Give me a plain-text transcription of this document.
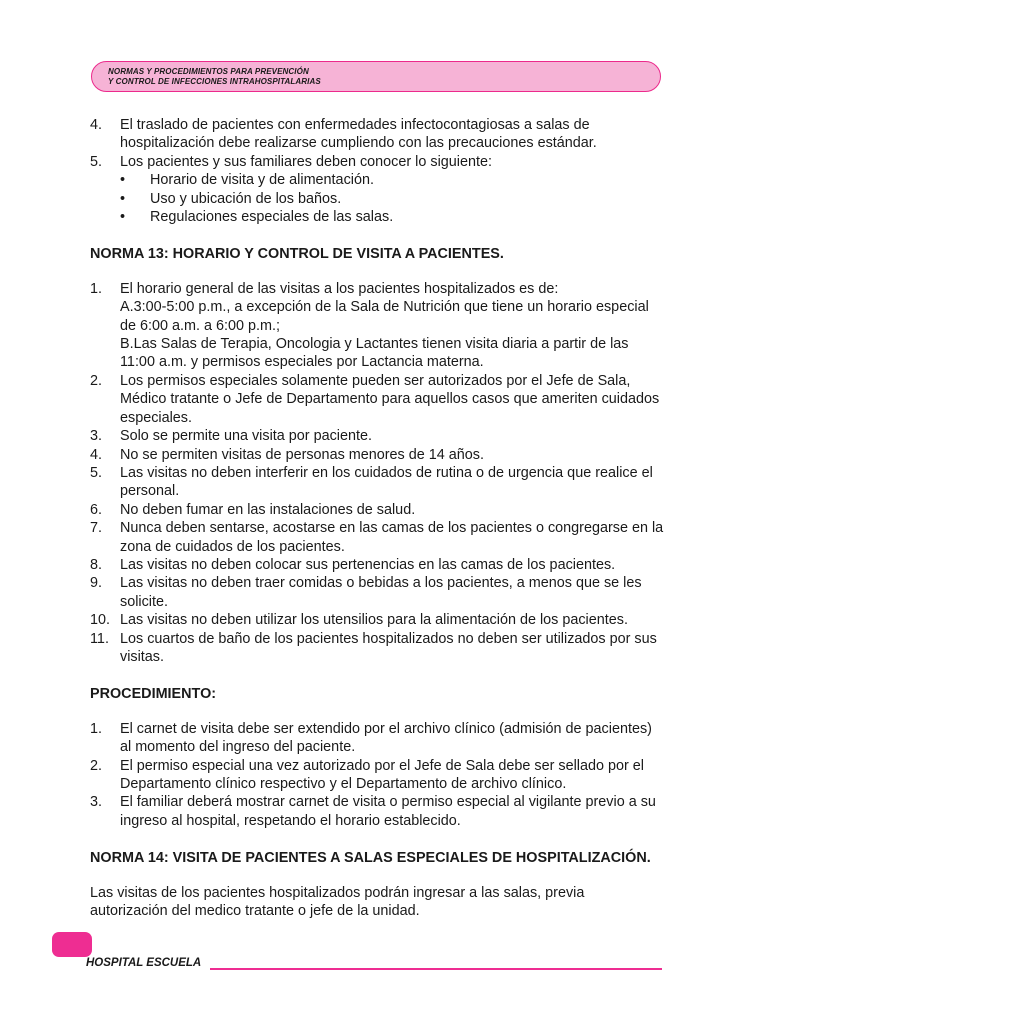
NORMAS Y PROCEDIMIENTOS PARA PREVENCIÓN
Y CONTROL DE INFECCIONES INTRAHOSPITALARIAS
4.	El traslado de pacientes con enfermedades infectocontagiosas a salas de hospitalización debe realizarse cumpliendo con las precauciones estándar.
5.	Los pacientes y sus familiares deben conocer lo siguiente:
•	Horario de visita y de alimentación.
•	Uso y ubicación de los baños.
•	Regulaciones especiales de las salas.
NORMA 13: HORARIO Y CONTROL DE VISITA A PACIENTES.
1.	El horario general de las visitas a los pacientes hospitalizados es de:
A.3:00-5:00 p.m., a excepción de la Sala de Nutrición que tiene un horario especial de 6:00 a.m. a 6:00 p.m.;
B.Las Salas de Terapia, Oncologia y Lactantes tienen visita diaria a partir de las 11:00 a.m. y permisos especiales por Lactancia materna.
2.	Los permisos especiales solamente pueden ser autorizados por el Jefe de Sala, Médico tratante o Jefe de Departamento para aquellos casos que ameriten cuidados especiales.
3.	Solo se permite una visita por paciente.
4.	No se permiten visitas de personas menores de 14 años.
5.	Las visitas no deben interferir en los cuidados de rutina o de urgencia que realice el personal.
6.	No deben fumar en las instalaciones de salud.
7.	Nunca deben sentarse, acostarse en las camas de los pacientes o congregarse en la zona de cuidados de los pacientes.
8.	Las visitas no deben colocar sus pertenencias en las camas de los pacientes.
9.	Las visitas no deben traer comidas o bebidas a los pacientes, a menos que se les solicite.
10. Las visitas no deben utilizar los utensilios para la alimentación de los pacientes.
11. Los cuartos de baño de los pacientes hospitalizados no deben ser utilizados por sus visitas.
PROCEDIMIENTO:
1.	El carnet de visita debe ser extendido por el archivo clínico (admisión de pacientes) al momento del ingreso del paciente.
2.	El permiso especial una vez autorizado por el Jefe de Sala debe ser sellado por el Departamento clínico respectivo y el Departamento de archivo clínico.
3.	El familiar deberá mostrar carnet de visita o permiso especial al vigilante previo a su ingreso al hospital, respetando el horario establecido.
NORMA 14: VISITA DE PACIENTES A SALAS ESPECIALES DE HOSPITALIZACIÓN.
Las visitas de los pacientes hospitalizados podrán ingresar a las salas, previa autorización del medico tratante o jefe de la unidad.
HOSPITAL ESCUELA
